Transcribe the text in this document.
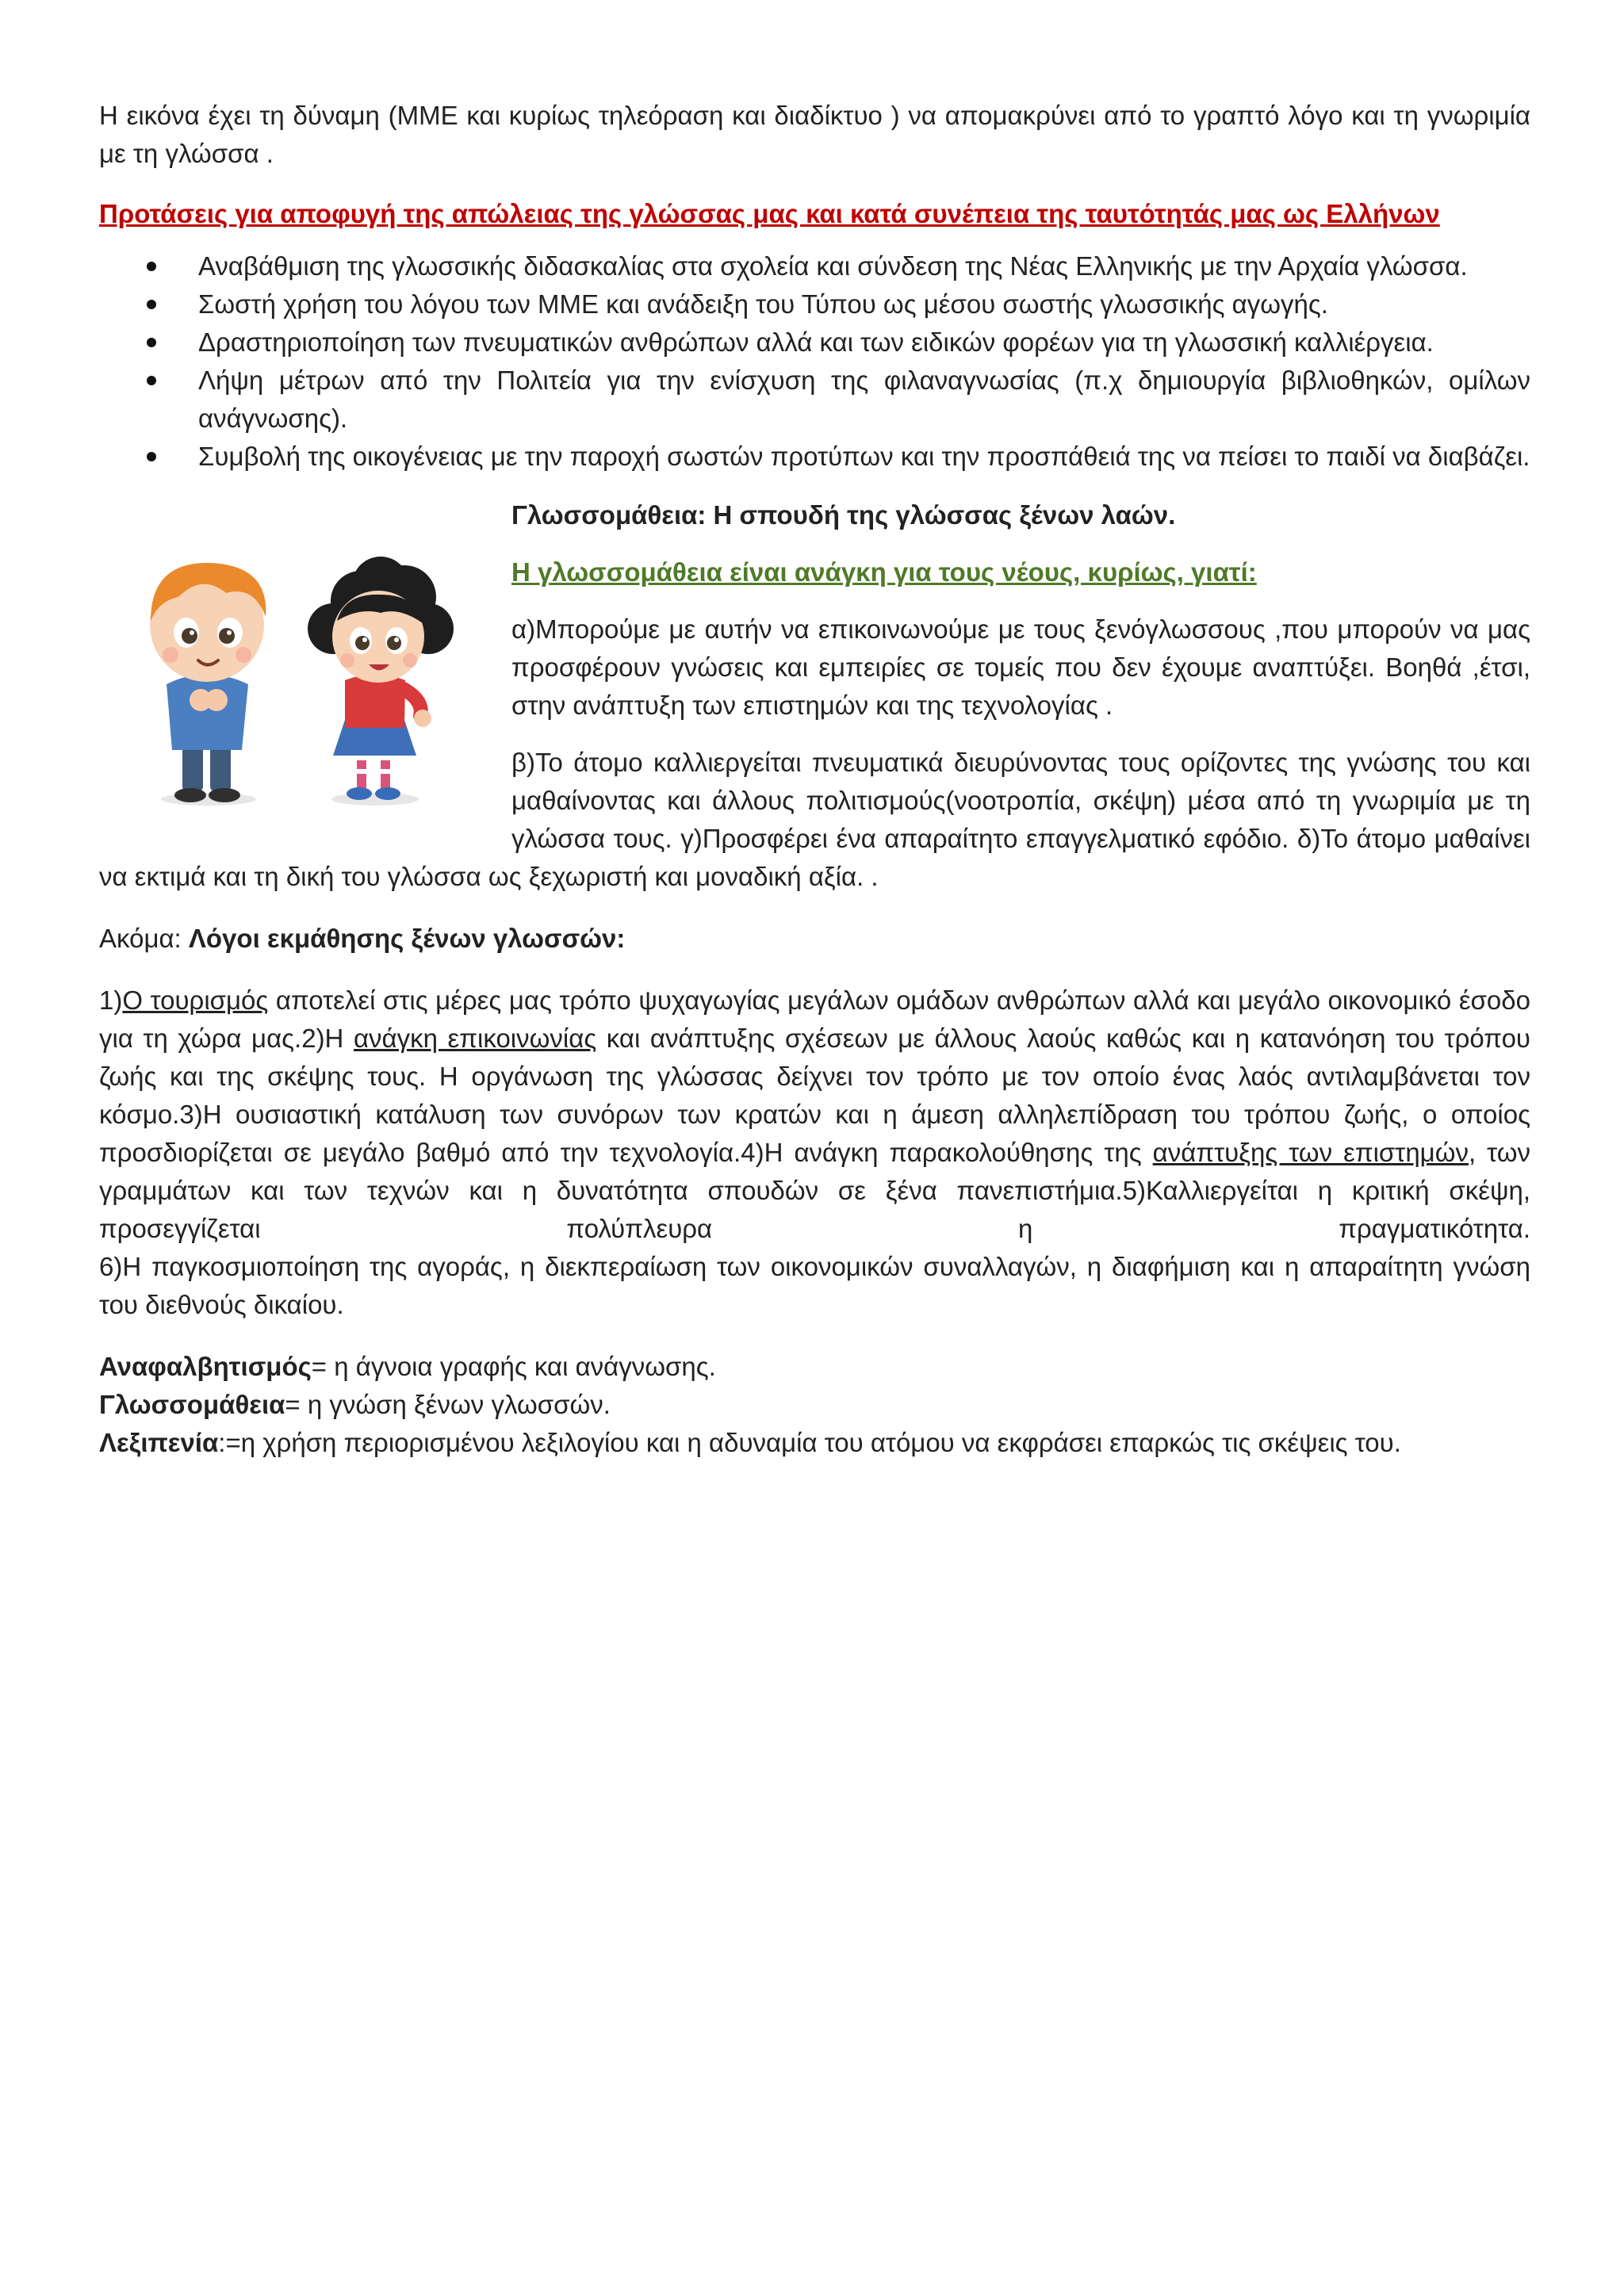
Η εικόνα έχει τη δύναμη (ΜΜΕ και κυρίως τηλεόραση και διαδίκτυο ) να απομακρύνει από το γραπτό λόγο και τη γνωριμία με τη γλώσσα .

Προτάσεις για αποφυγή της απώλειας της γλώσσας μας και κατά συνέπεια της ταυτότητάς μας ως Ελλήνων

Αναβάθμιση της γλωσσικής διδασκαλίας στα σχολεία και σύνδεση της Νέας Ελληνικής με την Αρχαία γλώσσα.
Σωστή χρήση του λόγου των ΜΜΕ και ανάδειξη του Τύπου ως μέσου σωστής γλωσσικής αγωγής.
Δραστηριοποίηση των πνευματικών ανθρώπων αλλά και των ειδικών φορέων για τη γλωσσική καλλιέργεια.
Λήψη μέτρων από την Πολιτεία για την ενίσχυση της φιλαναγνωσίας (π.χ δημιουργία βιβλιοθηκών, ομίλων ανάγνωσης).
Συμβολή της οικογένειας με την παροχή σωστών προτύπων και την προσπάθειά της να πείσει το παιδί να διαβάζει.

Γλωσσομάθεια: Η σπουδή της γλώσσας ξένων λαών.

Η γλωσσομάθεια είναι ανάγκη για τους νέους, κυρίως, γιατί:

α)Μπορούμε με αυτήν να επικοινωνούμε με τους ξενόγλωσσους ,που μπορούν να μας προσφέρουν γνώσεις και εμπειρίες σε τομείς που δεν έχουμε αναπτύξει. Βοηθά ,έτσι, στην ανάπτυξη των επιστημών και της τεχνολογίας .

β)Το άτομο καλλιεργείται πνευματικά διευρύνοντας τους ορίζοντες της γνώσης του και μαθαίνοντας και άλλους πολιτισμούς(νοοτροπία, σκέψη) μέσα από τη γνωριμία με τη γλώσσα τους. γ)Προσφέρει ένα απαραίτητο επαγγελματικό εφόδιο. δ)Το άτομο μαθαίνει να εκτιμά και τη δική του γλώσσα ως ξεχωριστή και μοναδική αξία. .

Ακόμα: Λόγοι εκμάθησης ξένων γλωσσών:

1)Ο τουρισμός αποτελεί στις μέρες μας τρόπο ψυχαγωγίας μεγάλων ομάδων ανθρώπων αλλά και μεγάλο οικονομικό έσοδο για τη χώρα μας.2)Η ανάγκη επικοινωνίας και ανάπτυξης σχέσεων με άλλους λαούς καθώς και η κατανόηση του τρόπου ζωής και της σκέψης τους. Η οργάνωση της γλώσσας δείχνει τον τρόπο με τον οποίο ένας λαός αντιλαμβάνεται τον κόσμο.3)Η ουσιαστική κατάλυση των συνόρων των κρατών και η άμεση αλληλεπίδραση του τρόπου ζωής, ο οποίος προσδιορίζεται σε μεγάλο βαθμό από την τεχνολογία.4)Η ανάγκη παρακολούθησης της ανάπτυξης των επιστημών, των γραμμάτων και των τεχνών και η δυνατότητα σπουδών σε ξένα πανεπιστήμια.5)Καλλιεργείται η κριτική σκέψη, προσεγγίζεται πολύπλευρα η πραγματικότητα.

6)Η παγκοσμιοποίηση της αγοράς, η διεκπεραίωση των οικονομικών συναλλαγών, η διαφήμιση και η απαραίτητη γνώση του διεθνούς δικαίου.

Αναφαλβητισμός= η άγνοια γραφής και ανάγνωσης.

Γλωσσομάθεια= η γνώση ξένων γλωσσών.

Λεξιπενία:=η χρήση περιορισμένου λεξιλογίου και η αδυναμία του ατόμου να εκφράσει επαρκώς τις σκέψεις του.
